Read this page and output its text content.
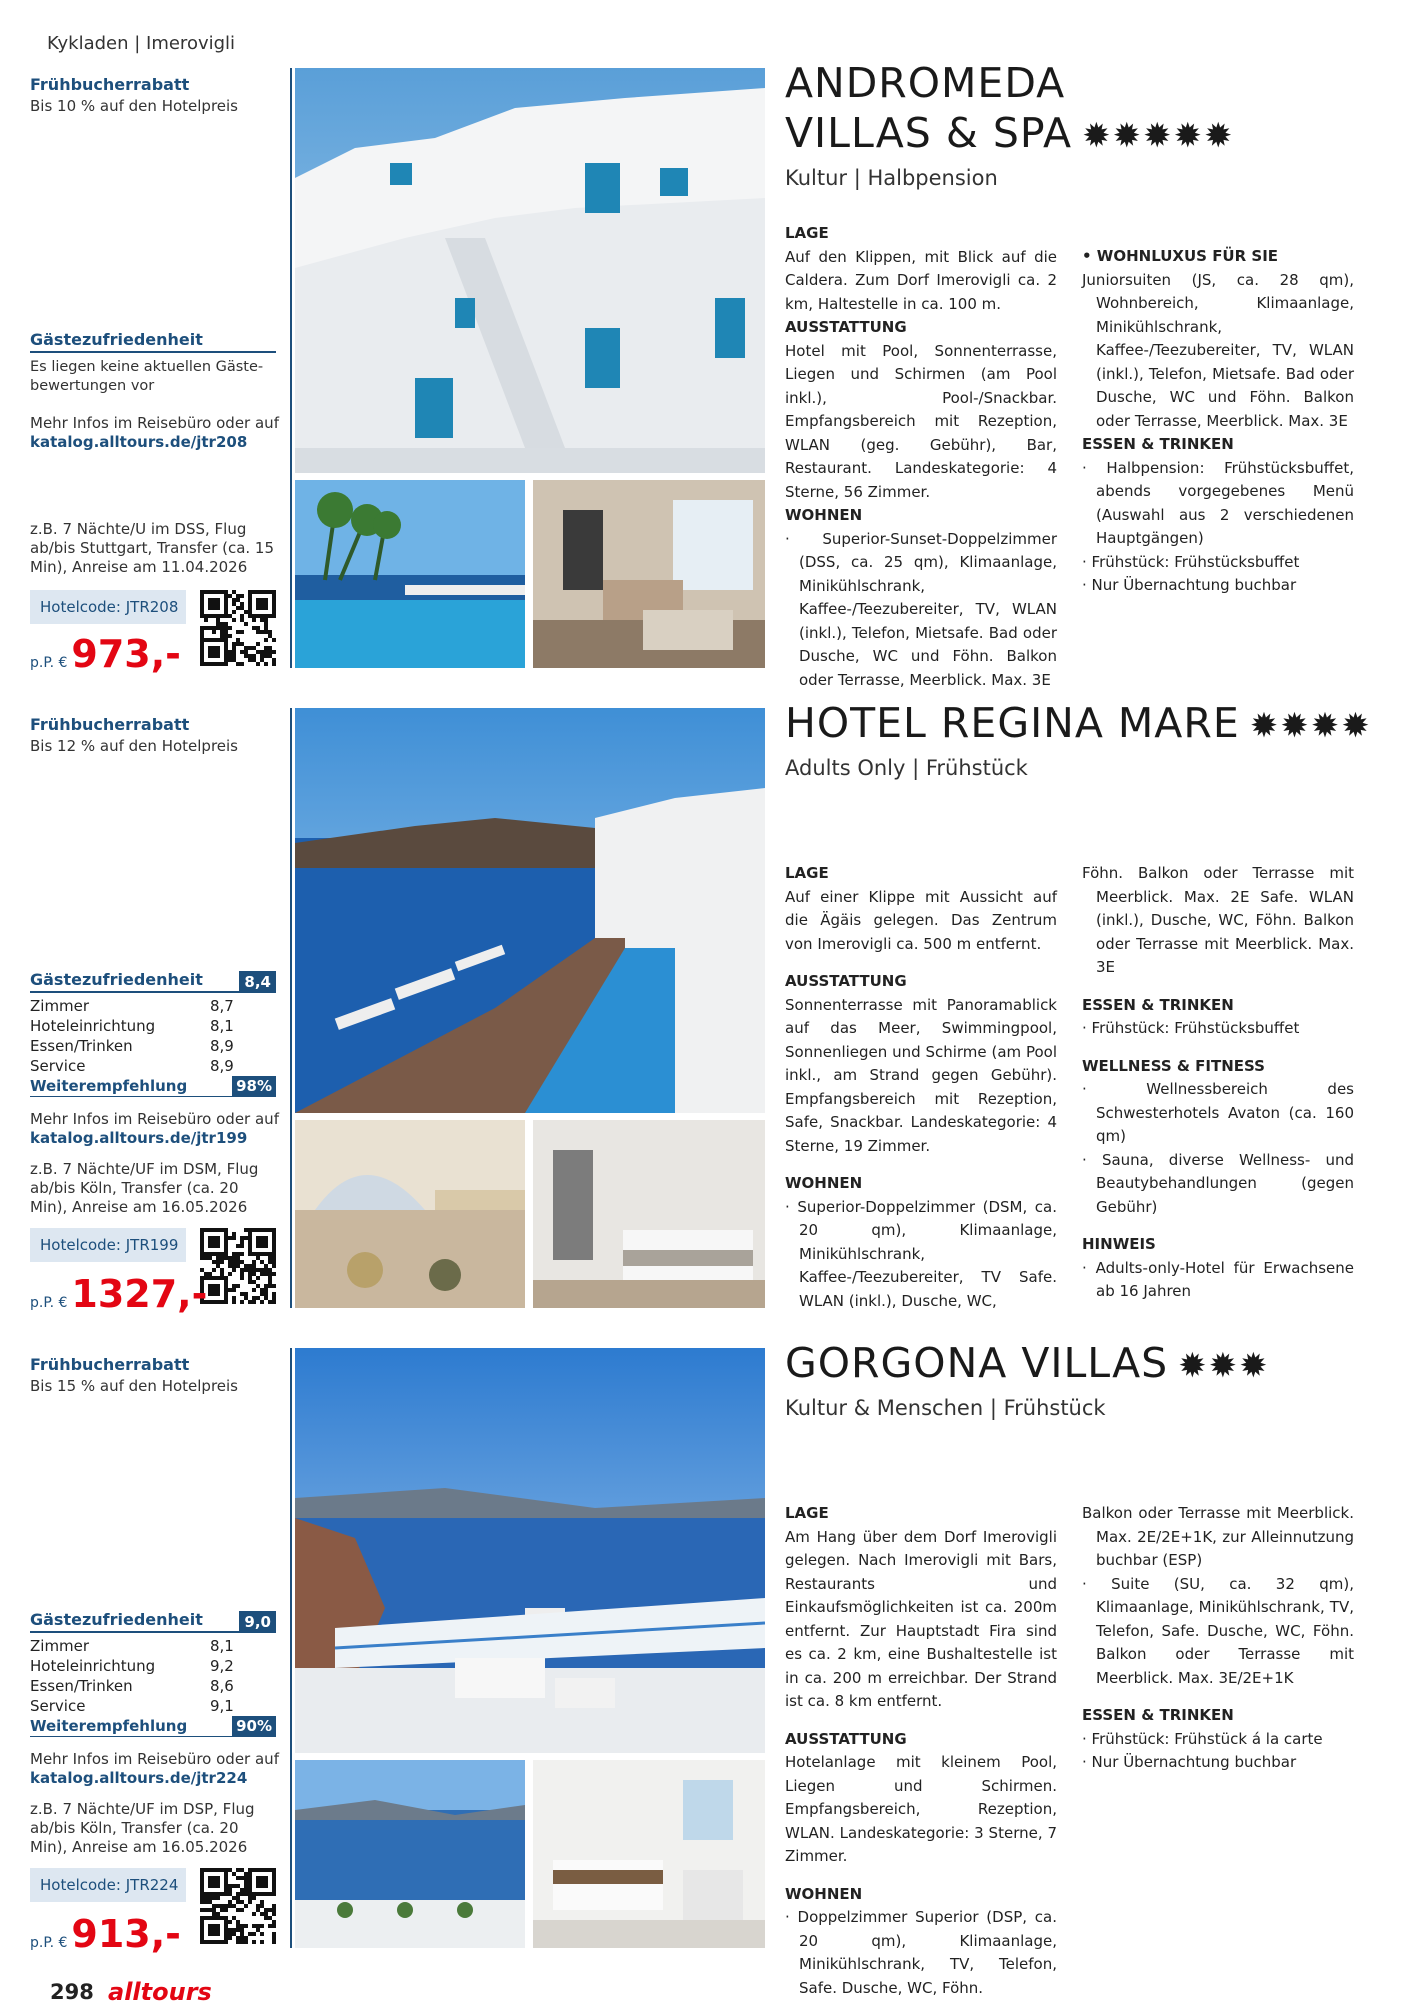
Kykladen | Imerovigli
Frühbucherrabatt
Bis 10 % auf den Hotelpreis
Gästezufriedenheit
Es liegen keine aktuellen Gäste-bewertungen vor
Mehr Infos im Reisebüro oder auf
katalog.alltours.de/jtr208
z.B. 7 Nächte/U im DSS, Flug ab/bis Stuttgart, Transfer (ca. 15 Min), Anreise am 11.04.2026
Hotelcode: JTR208
p.P. € 973,-
ANDROMEDA
VILLAS & SPA ✹✹✹✹✹
Kultur | Halbpension
LAGE
Auf den Klippen, mit Blick auf die Caldera. Zum Dorf Imerovigli ca. 2 km, Haltestelle in ca. 100 m.
AUSSTATTUNG
Hotel mit Pool, Sonnenterrasse, Liegen und Schirmen (am Pool inkl.), Pool-/Snackbar. Empfangsbereich mit Rezeption, WLAN (geg. Gebühr), Bar, Restaurant. Landeskategorie: 4 Sterne, 56 Zimmer.
WOHNEN
· Superior-Sunset-Doppelzimmer (DSS, ca. 25 qm), Klimaanlage, Minikühlschrank, Kaffee-/Teezubereiter, TV, WLAN (inkl.), Telefon, Mietsafe. Bad oder Dusche, WC und Föhn. Balkon oder Terrasse, Meerblick. Max. 3E
• WOHNLUXUS FÜR SIE
Juniorsuiten (JS, ca. 28 qm), Wohnbereich, Klimaanlage, Minikühlschrank, Kaffee-/Teezubereiter, TV, WLAN (inkl.), Telefon, Mietsafe. Bad oder Dusche, WC und Föhn. Balkon oder Terrasse, Meerblick. Max. 3E
ESSEN & TRINKEN
· Halbpension: Frühstücksbuffet, abends vorgegebenes Menü (Auswahl aus 2 verschiedenen Hauptgängen)
· Frühstück: Frühstücksbuffet
· Nur Übernachtung buchbar
Frühbucherrabatt
Bis 12 % auf den Hotelpreis
Gästezufriedenheit	8,4
Zimmer	8,7
Hoteleinrichtung	8,1
Essen/Trinken	8,9
Service	8,9
Weiterempfehlung	98%
Mehr Infos im Reisebüro oder auf
katalog.alltours.de/jtr199
z.B. 7 Nächte/UF im DSM, Flug ab/bis Köln, Transfer (ca. 20 Min), Anreise am 16.05.2026
Hotelcode: JTR199
p.P. € 1327,-
HOTEL REGINA MARE ✹✹✹✹
Adults Only | Frühstück
LAGE
Auf einer Klippe mit Aussicht auf die Ägäis gelegen. Das Zentrum von Imerovigli ca. 500 m entfernt.
AUSSTATTUNG
Sonnenterrasse mit Panoramablick auf das Meer, Swimmingpool, Sonnenliegen und Schirme (am Pool inkl., am Strand gegen Gebühr). Empfangsbereich mit Rezeption, Safe, Snackbar. Landeskategorie: 4 Sterne, 19 Zimmer.
WOHNEN
· Superior-Doppelzimmer (DSM, ca. 20 qm), Klimaanlage, Minikühlschrank, Kaffee-/Teezubereiter, TV Safe. WLAN (inkl.), Dusche, WC,
Föhn. Balkon oder Terrasse mit Meerblick. Max. 2E Safe. WLAN (inkl.), Dusche, WC, Föhn. Balkon oder Terrasse mit Meerblick. Max. 3E
ESSEN & TRINKEN
· Frühstück: Frühstücksbuffet
WELLNESS & FITNESS
· Wellnessbereich des Schwesterhotels Avaton (ca. 160 qm)
· Sauna, diverse Wellness- und Beautybehandlungen (gegen Gebühr)
HINWEIS
· Adults-only-Hotel für Erwachsene ab 16 Jahren
Frühbucherrabatt
Bis 15 % auf den Hotelpreis
Gästezufriedenheit	9,0
Zimmer	8,1
Hoteleinrichtung	9,2
Essen/Trinken	8,6
Service	9,1
Weiterempfehlung	90%
Mehr Infos im Reisebüro oder auf
katalog.alltours.de/jtr224
z.B. 7 Nächte/UF im DSP, Flug ab/bis Köln, Transfer (ca. 20 Min), Anreise am 16.05.2026
Hotelcode: JTR224
p.P. € 913,-
GORGONA VILLAS ✹✹✹
Kultur & Menschen | Frühstück
LAGE
Am Hang über dem Dorf Imerovigli gelegen. Nach Imerovigli mit Bars, Restaurants und Einkaufsmöglichkeiten ist ca. 200m entfernt. Zur Hauptstadt Fira sind es ca. 2 km, eine Bushaltestelle ist in ca. 200 m erreichbar. Der Strand ist ca. 8 km entfernt.
AUSSTATTUNG
Hotelanlage mit kleinem Pool, Liegen und Schirmen. Empfangsbereich, Rezeption, WLAN. Landeskategorie: 3 Sterne, 7 Zimmer.
WOHNEN
· Doppelzimmer Superior (DSP, ca. 20 qm), Klimaanlage, Minikühlschrank, TV, Telefon, Safe. Dusche, WC, Föhn.
Balkon oder Terrasse mit Meerblick. Max. 2E/2E+1K, zur Alleinnutzung buchbar (ESP)
· Suite (SU, ca. 32 qm), Klimaanlage, Minikühlschrank, TV, Telefon, Safe. Dusche, WC, Föhn. Balkon oder Terrasse mit Meerblick. Max. 3E/2E+1K
ESSEN & TRINKEN
· Frühstück: Frühstück á la carte
· Nur Übernachtung buchbar
298 alltours
